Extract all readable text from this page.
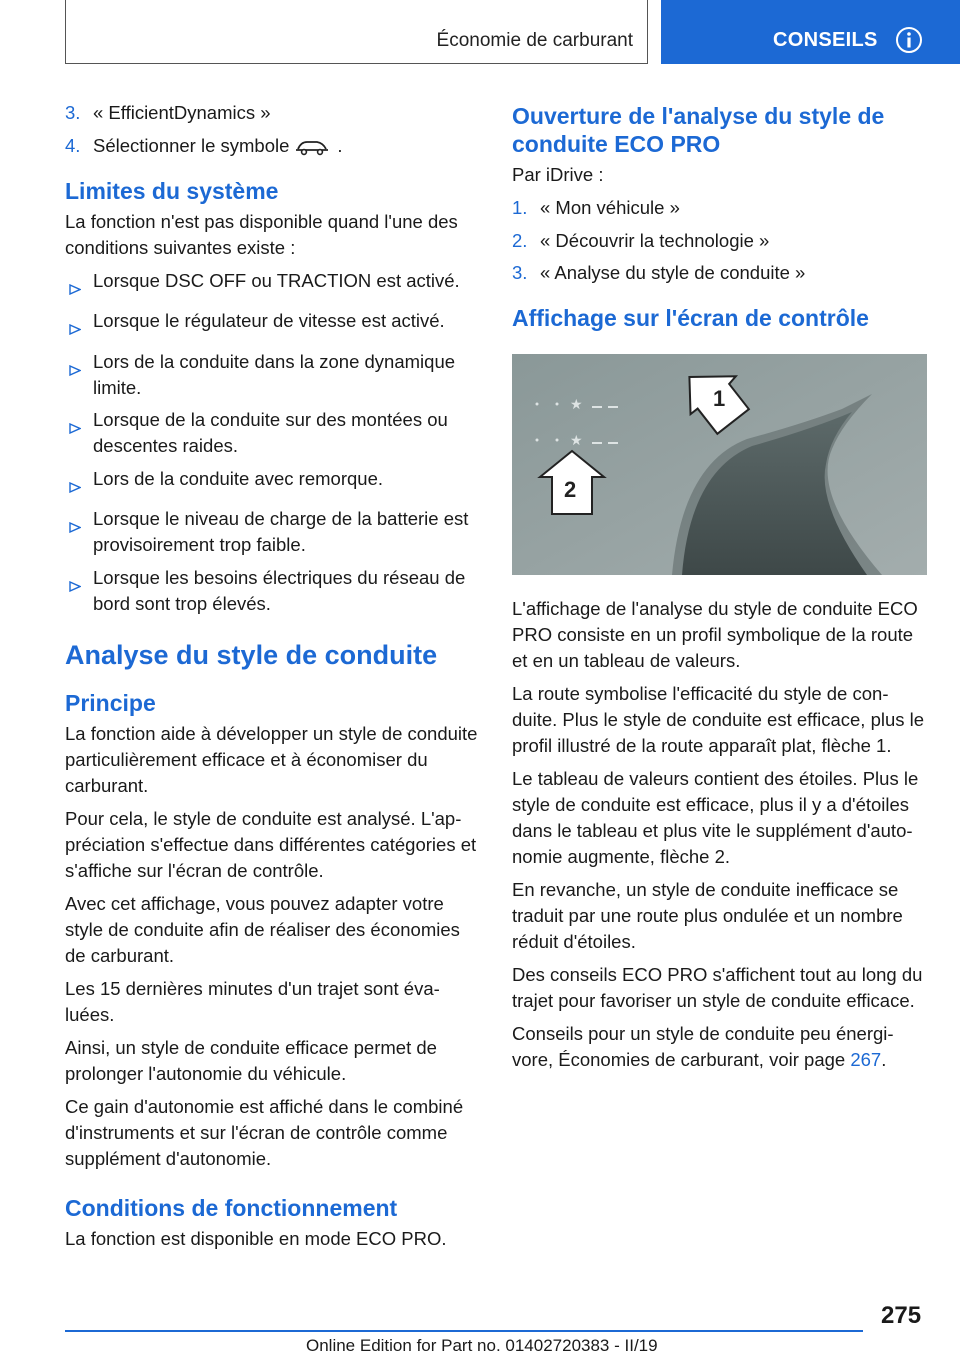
Économie de carburant	CONSEILS
3. « EfficientDynamics »
4. Sélectionner le symbole	.
Limites du système

La fonction n'est pas disponible quand l'une des conditions suivantes existe :

Lorsque DSC OFF ou TRACTION est activé.
Lorsque le régulateur de vitesse est activé.
Lors de la conduite dans la zone dynamique limite.
Lorsque de la conduite sur des montées ou descentes raides.
Lors de la conduite avec remorque.
Lorsque le niveau de charge de la batterie est provisoirement trop faible.
Lorsque les besoins électriques du réseau de bord sont trop élevés.
Analyse du style de conduite
Principe

La fonction aide à développer un style de conduite particulièrement efficace et à économiser du carburant.

Pour cela, le style de conduite est analysé. L'appréciation s'effectue dans différentes catégories et s'affiche sur l'écran de contrôle.

Avec cet affichage, vous pouvez adapter votre style de conduite afin de réaliser des économies de carburant.

Les 15 dernières minutes d'un trajet sont évaluées.

Ainsi, un style de conduite efficace permet de prolonger l'autonomie du véhicule.

Ce gain d'autonomie est affiché dans le combiné d'instruments et sur l'écran de contrôle comme supplément d'autonomie.

Conditions de fonctionnement

La fonction est disponible en mode ECO PRO.

Ouverture de l'analyse du style de conduite ECO PRO

Par iDrive :

1. « Mon véhicule »
2. « Découvrir la technologie »
3. « Analyse du style de conduite »
Affichage sur l'écran de contrôle
★
★
1
2

L'affichage de l'analyse du style de conduite ECO PRO consiste en un profil symbolique de la route et en un tableau de valeurs.

La route symbolise l'efficacité du style de conduite. Plus le style de conduite est efficace, plus le profil illustré de la route apparaît plat, flèche 1.

Le tableau de valeurs contient des étoiles. Plus le style de conduite est efficace, plus il y a d'étoiles dans le tableau et plus vite le supplément d'autonomie augmente, flèche 2.

En revanche, un style de conduite inefficace se traduit par une route plus ondulée et un nombre réduit d'étoiles.

Des conseils ECO PRO s'affichent tout au long du trajet pour favoriser un style de conduite efficace.

Conseils pour un style de conduite peu énergivore, Économies de carburant, voir page 267.

275
Online Edition for Part no. 01402720383 - II/19
